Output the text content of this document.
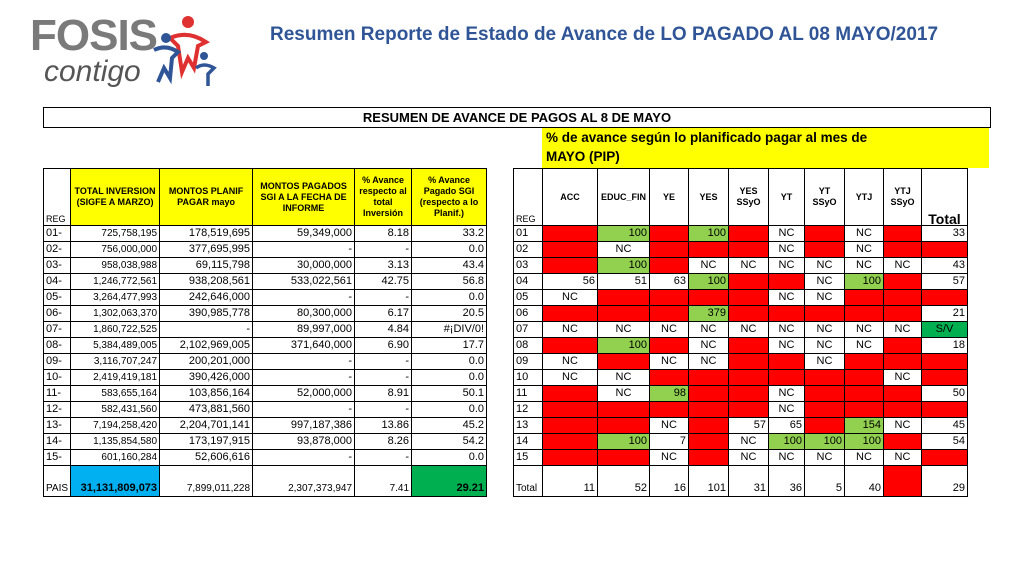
FOSIS
contigo
Resumen Reporte de Estado de Avance de LO PAGADO AL 08 MAYO/2017
RESUMEN DE AVANCE DE PAGOS AL 8 DE MAYO
% de avance según lo planificado pagar al mes de
MAYO (PIP)
REG	TOTAL INVERSION (SIGFE A MARZO)	MONTOS PLANIF PAGAR mayo	MONTOS PAGADOS SGI A LA FECHA DE INFORME	% Avance respecto al total Inversión	% Avance Pagado SGI (respecto a lo Planif.)
01-	725,758,195	178,519,695	59,349,000	8.18	33.2
02-	756,000,000	377,695,995	-	-	0.0
03-	958,038,988	69,115,798	30,000,000	3.13	43.4
04-	1,246,772,561	938,208,561	533,022,561	42.75	56.8
05-	3,264,477,993	242,646,000	-	-	0.0
06-	1,302,063,370	390,985,778	80,300,000	6.17	20.5
07-	1,860,722,525	-	89,997,000	4.84	#¡DIV/0!
08-	5,384,489,005	2,102,969,005	371,640,000	6.90	17.7
09-	3,116,707,247	200,201,000	-	-	0.0
10-	2,419,419,181	390,426,000	-	-	0.0
11-	583,655,164	103,856,164	52,000,000	8.91	50.1
12-	582,431,560	473,881,560	-	-	0.0
13-	7,194,258,420	2,204,701,141	997,187,386	13.86	45.2
14-	1,135,854,580	173,197,915	93,878,000	8.26	54.2
15-	601,160,284	52,606,616	-	-	0.0
PAIS	31,131,809,073	7,899,011,228	2,307,373,947	7.41	29.21
REG	ACC	EDUC_FIN	YE	YES	YES SSyO	YT	YT SSyO	YTJ	YTJ SSyO	Total
01	-	100	-	100	-	NC	-	NC	-	33
02	-	NC	-	-	-	NC	-	NC	-	-
03	-	100	-	NC	NC	NC	NC	NC	NC	43
04	56	51	63	100	-	-	NC	100	-	57
05	NC	-	-	-	-	NC	NC	-	-	-
06	-	-	-	379	-	-	-	-	-	21
07	NC	NC	NC	NC	NC	NC	NC	NC	NC	S/V
08	-	100	-	NC	-	NC	NC	NC	-	18
09	NC	-	NC	NC	-	-	NC	-	-	-
10	NC	NC	-	-	-	-	-	-	NC	-
11	-	NC	98	-	-	NC	-	-	-	50
12	-	-	-	-	-	NC	-	-	-	-
13	-	-	NC	-	57	65	-	154	NC	45
14	-	100	7	-	NC	100	100	100	-	54
15	-	-	NC	-	NC	NC	NC	NC	NC	-
Total	11	52	16	101	31	36	5	40	-	29
